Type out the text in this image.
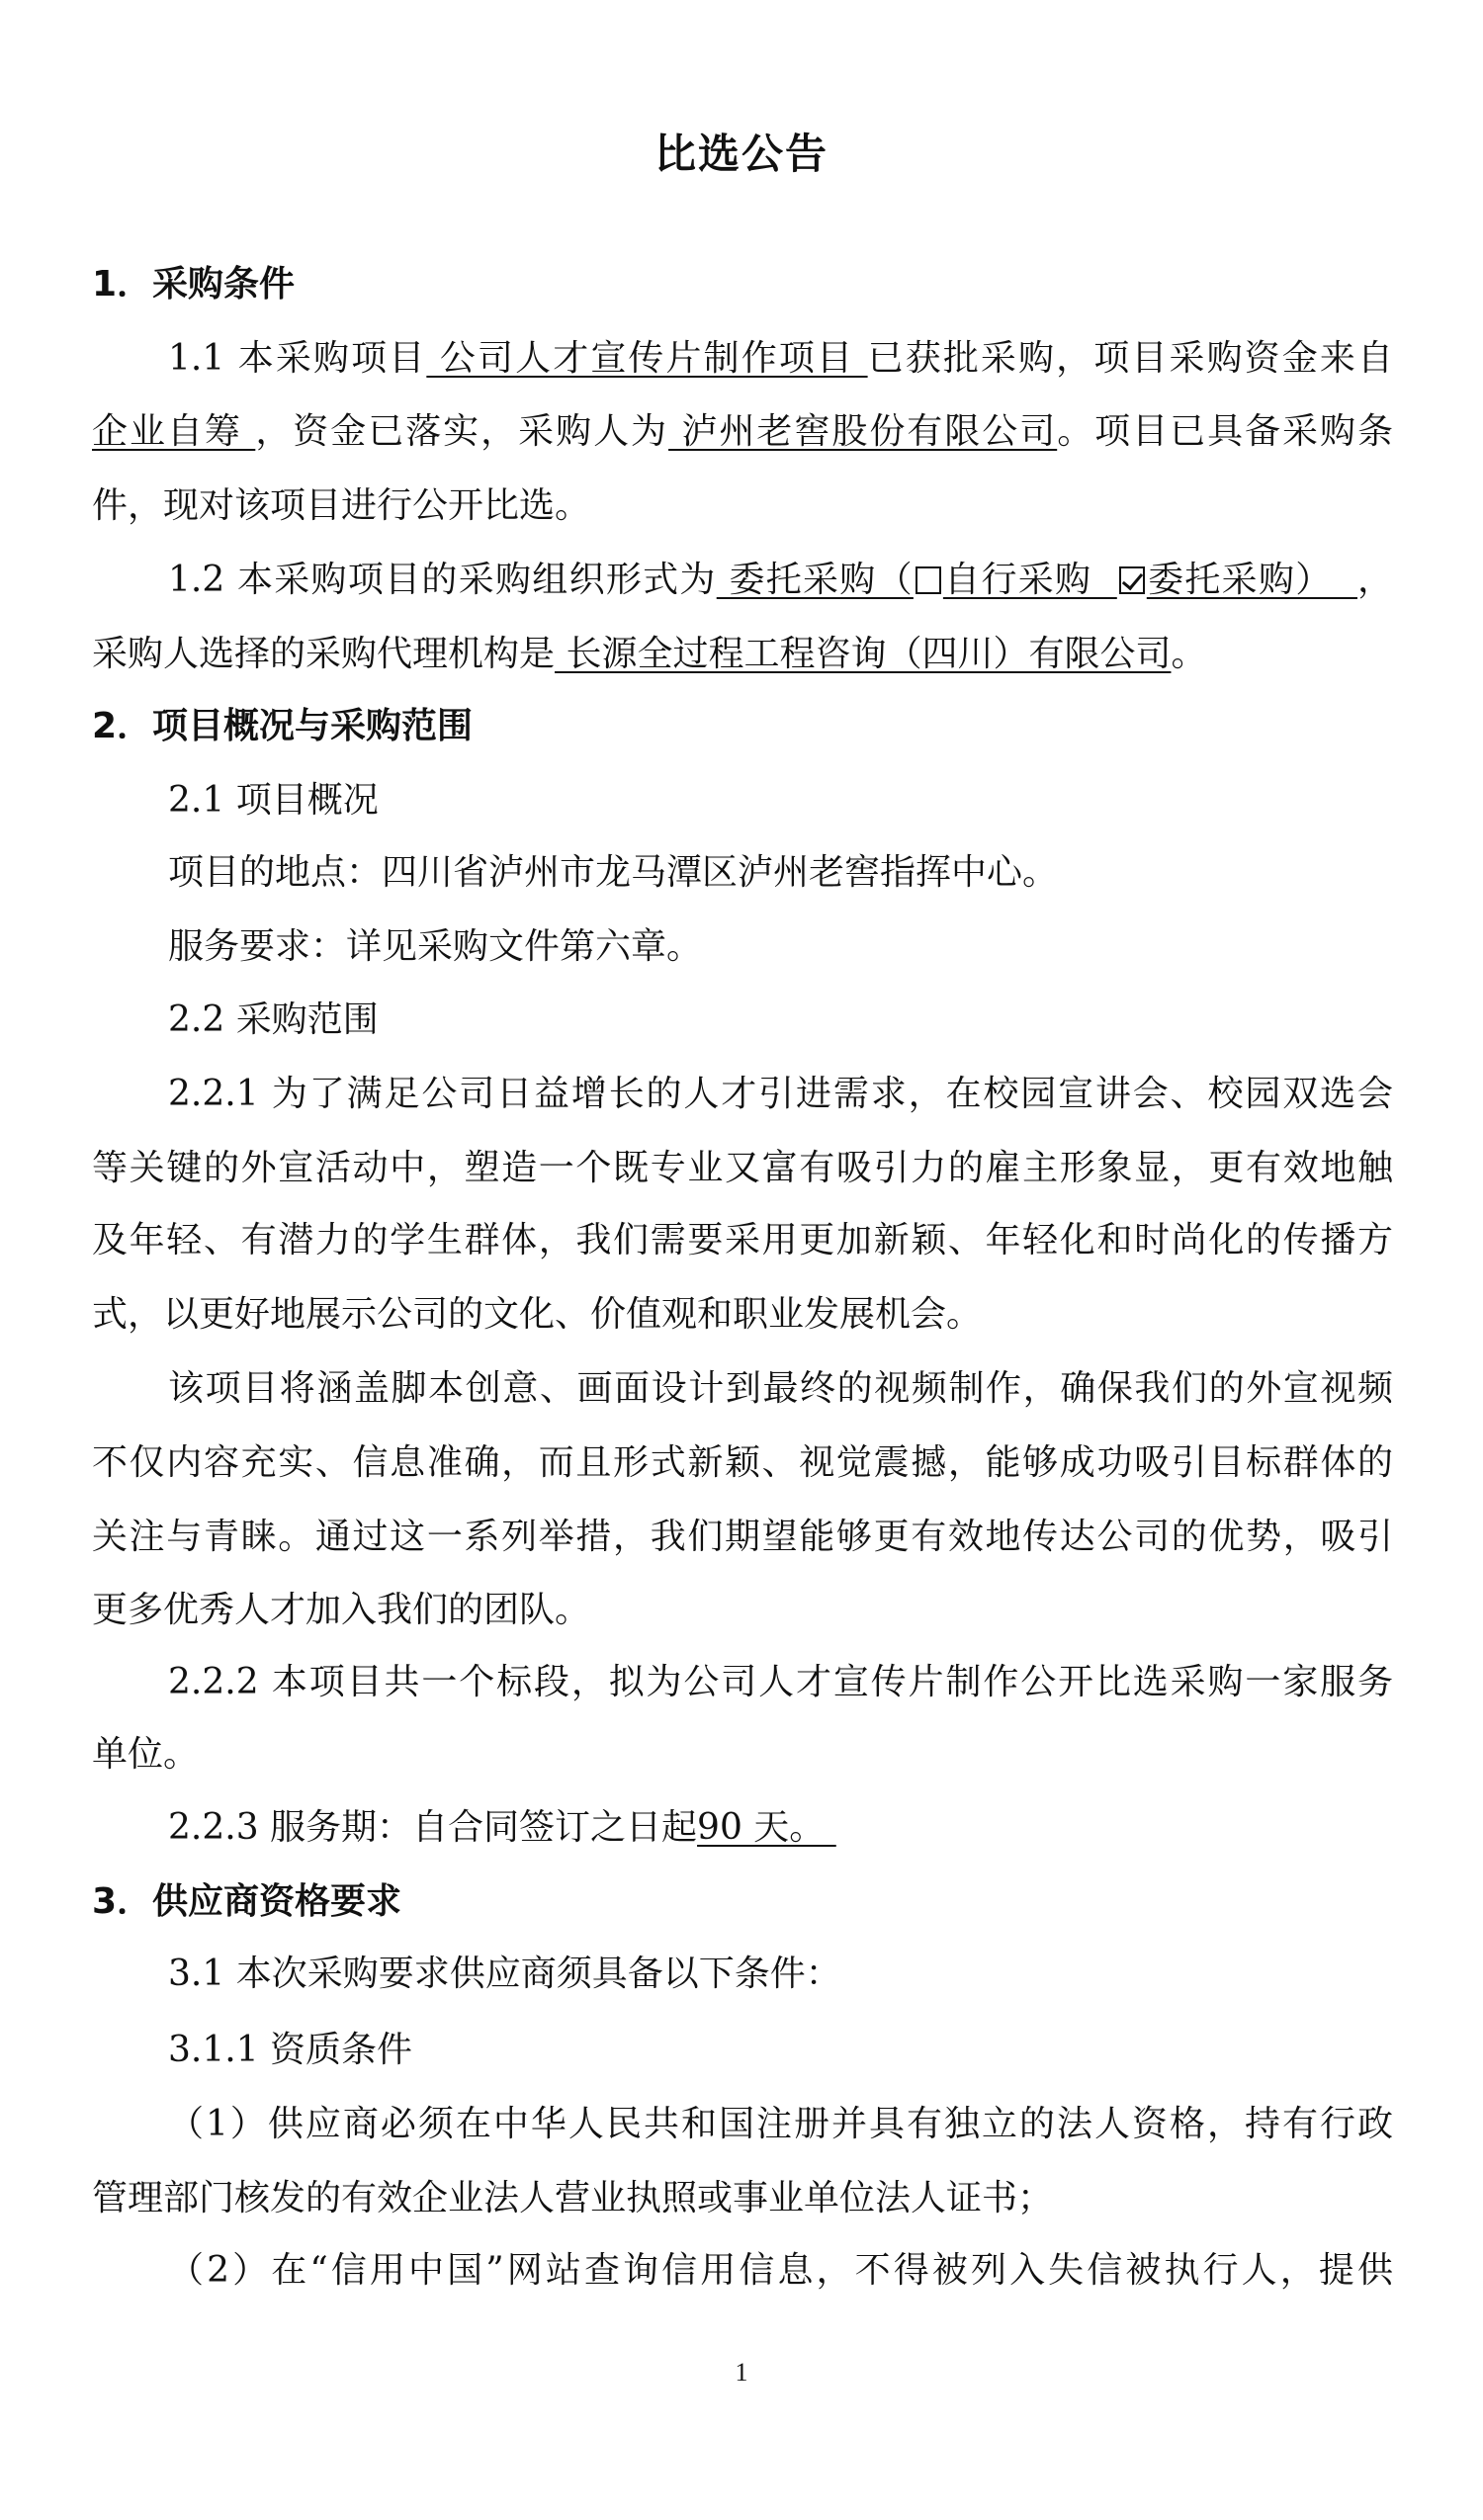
比选公告
1．采购条件
1.1 本采购项目 公司人才宣传片制作项目 已获批采购，项目采购资金来自
企业自筹 ，资金已落实，采购人为 泸州老窖股份有限公司。项目已具备采购条
件，现对该项目进行公开比选。
1.2 本采购项目的采购组织形式为 委托采购（ 自行采购  委托采购）  ，
采购人选择的采购代理机构是 长源全过程工程咨询（四川）有限公司。
2．项目概况与采购范围
2.1 项目概况
项目的地点：四川省泸州市龙马潭区泸州老窖指挥中心。
服务要求：详见采购文件第六章。
2.2 采购范围
2.2.1 为了满足公司日益增长的人才引进需求，在校园宣讲会、校园双选会
等关键的外宣活动中，塑造一个既专业又富有吸引力的雇主形象显，更有效地触
及年轻、有潜力的学生群体，我们需要采用更加新颖、年轻化和时尚化的传播方
式，以更好地展示公司的文化、价值观和职业发展机会。
该项目将涵盖脚本创意、画面设计到最终的视频制作，确保我们的外宣视频
不仅内容充实、信息准确，而且形式新颖、视觉震撼，能够成功吸引目标群体的
关注与青睐。通过这一系列举措，我们期望能够更有效地传达公司的优势，吸引
更多优秀人才加入我们的团队。
2.2.2 本项目共一个标段，拟为公司人才宣传片制作公开比选采购一家服务
单位。
2.2.3 服务期：自合同签订之日起90 天。
3．供应商资格要求
3.1 本次采购要求供应商须具备以下条件：
3.1.1 资质条件
（1）供应商必须在中华人民共和国注册并具有独立的法人资格，持有行政
管理部门核发的有效企业法人营业执照或事业单位法人证书；
（2）在“信用中国”网站查询信用信息，不得被列入失信被执行人，提供
1
